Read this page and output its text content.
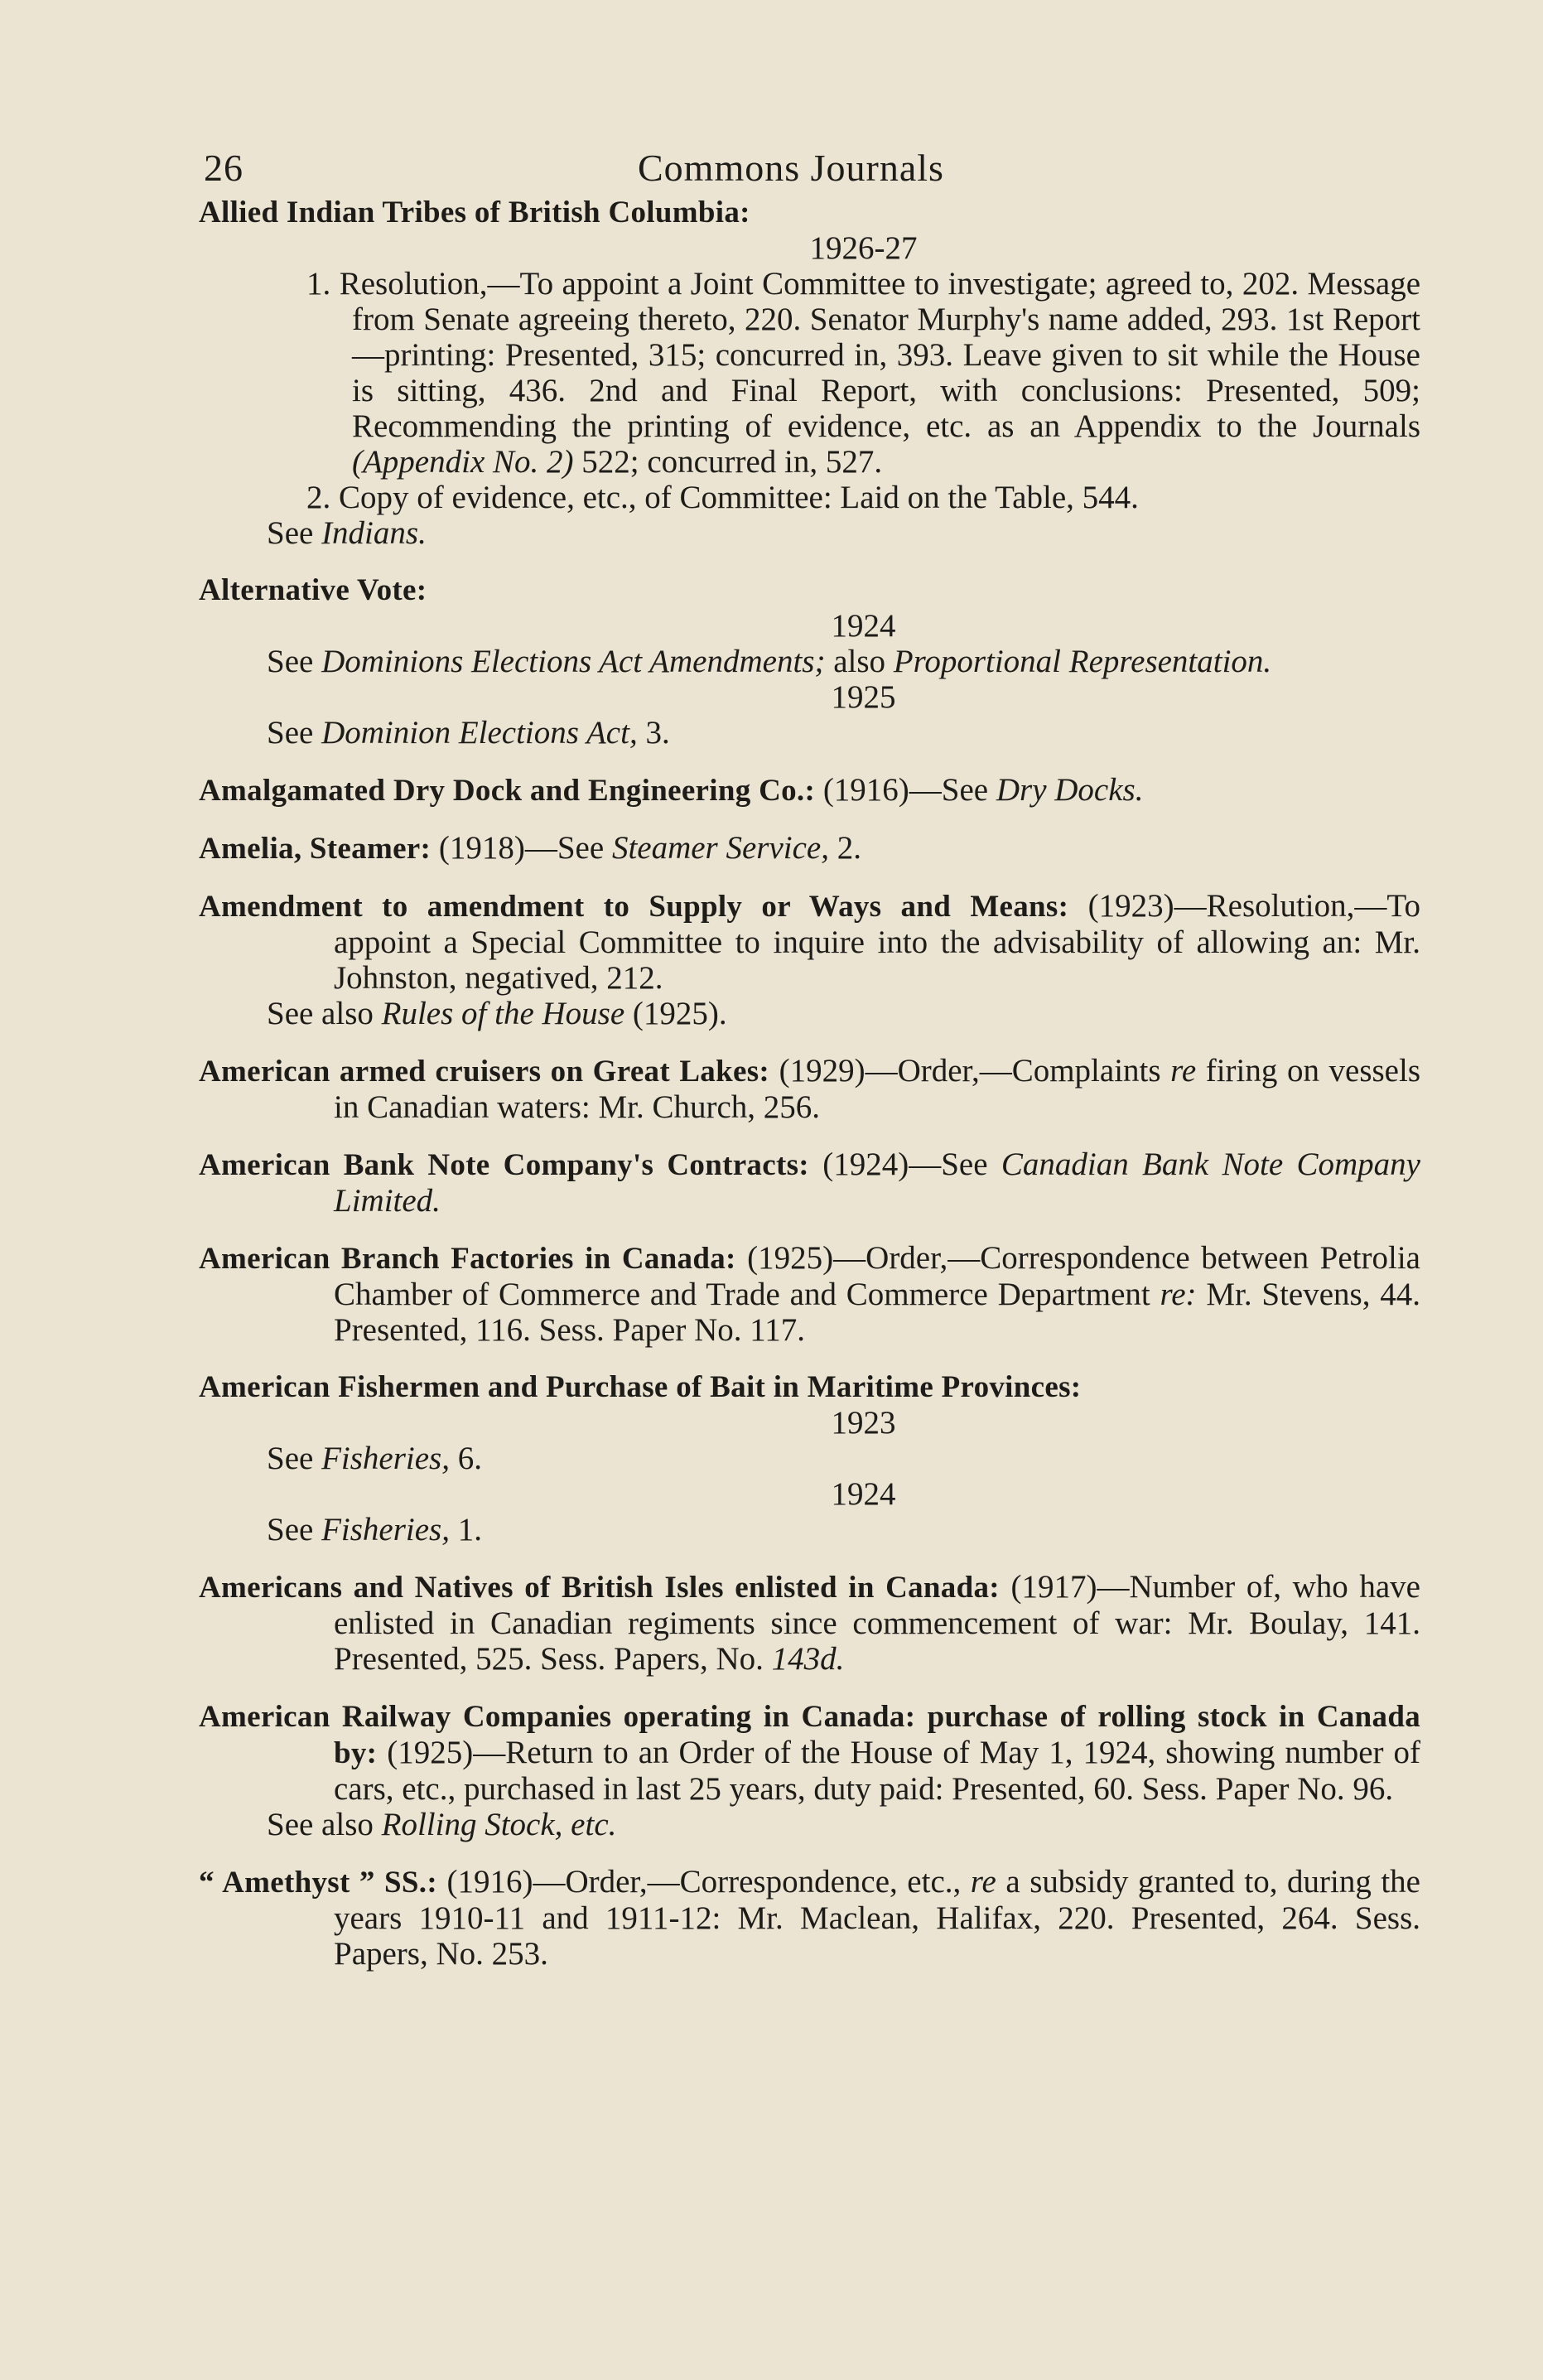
26	Commons Journals
Allied Indian Tribes of British Columbia:
1926-27
1. Resolution,—To appoint a Joint Committee to investigate; agreed to, 202. Message from Senate agreeing thereto, 220. Senator Murphy's name added, 293. 1st Report—printing: Presented, 315; concurred in, 393. Leave given to sit while the House is sitting, 436. 2nd and Final Report, with conclusions: Presented, 509; Recommending the printing of evidence, etc. as an Appendix to the Journals (Appendix No. 2) 522; concurred in, 527.
2. Copy of evidence, etc., of Committee: Laid on the Table, 544.
See Indians.
Alternative Vote:
1924
See Dominions Elections Act Amendments; also Proportional Representation.
1925
See Dominion Elections Act, 3.
Amalgamated Dry Dock and Engineering Co.: (1916)—See Dry Docks.
Amelia, Steamer: (1918)—See Steamer Service, 2.
Amendment to amendment to Supply or Ways and Means: (1923)—Resolution,—To appoint a Special Committee to inquire into the advisability of allowing an: Mr. Johnston, negatived, 212.
See also Rules of the House (1925).
American armed cruisers on Great Lakes: (1929)—Order,—Complaints re firing on vessels in Canadian waters: Mr. Church, 256.
American Bank Note Company's Contracts: (1924)—See Canadian Bank Note Company Limited.
American Branch Factories in Canada: (1925)—Order,—Correspondence between Petrolia Chamber of Commerce and Trade and Commerce Department re: Mr. Stevens, 44. Presented, 116. Sess. Paper No. 117.
American Fishermen and Purchase of Bait in Maritime Provinces:
1923
See Fisheries, 6.
1924
See Fisheries, 1.
Americans and Natives of British Isles enlisted in Canada: (1917)—Number of, who have enlisted in Canadian regiments since commencement of war: Mr. Boulay, 141. Presented, 525. Sess. Papers, No. 143d.
American Railway Companies operating in Canada: purchase of rolling stock in Canada by: (1925)—Return to an Order of the House of May 1, 1924, showing number of cars, etc., purchased in last 25 years, duty paid: Presented, 60. Sess. Paper No. 96.
See also Rolling Stock, etc.
“ Amethyst ” SS.: (1916)—Order,—Correspondence, etc., re a subsidy granted to, during the years 1910-11 and 1911-12: Mr. Maclean, Halifax, 220. Presented, 264. Sess. Papers, No. 253.
